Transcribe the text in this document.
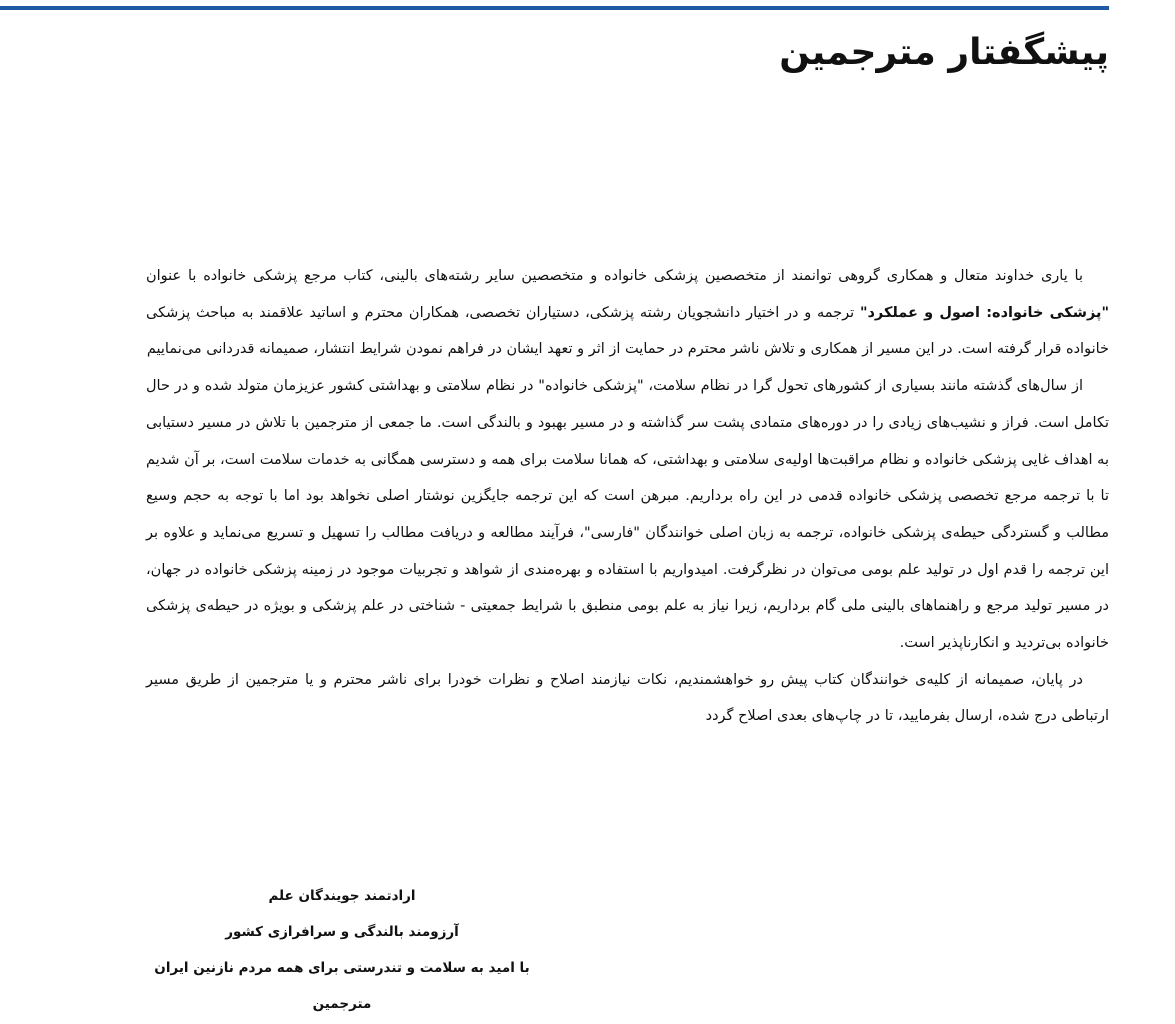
پیشگفتار مترجمین

با یاری خداوند متعال و همکاری گروهی توانمند از متخصصین پزشکی خانواده و متخصصین سایر رشته‌های بالینی، کتاب مرجع پزشکی خانواده با عنوان "پزشکی خانواده: اصول و عملکرد" ترجمه و در اختیار دانشجویان رشته پزشکی، دستیاران تخصصی، همکاران محترم و اساتید علاقمند به مباحث پزشکی خانواده قرار گرفته است. در این مسیر از همکاری و تلاش ناشر محترم در حمایت از اثر و تعهد ایشان در فراهم نمودن شرایط انتشار، صمیمانه قدردانی می‌نماییم

از سال‌های گذشته مانند بسیاری از کشورهای تحول گرا در نظام سلامت، "پزشکی خانواده" در نظام سلامتی و بهداشتی کشور عزیزمان متولد شده و در حال تکامل است. فراز و نشیب‌های زیادی را در دوره‌های متمادی پشت سر گذاشته و در مسیر بهبود و بالندگی است. ما جمعی از مترجمین با تلاش در مسیر دستیابی به اهداف غایی پزشکی خانواده و نظام مراقبت‌ها اولیه‌ی سلامتی و بهداشتی، که همانا سلامت برای همه و دسترسی همگانی به خدمات سلامت است، بر آن شدیم تا با ترجمه مرجع تخصصی پزشکی خانواده قدمی در این راه برداریم. مبرهن است که این ترجمه جایگزین نوشتار اصلی نخواهد بود اما با توجه به حجم وسیع مطالب و گستردگی حیطه‌ی پزشکی خانواده، ترجمه به زبان اصلی خوانندگان "فارسی"، فرآیند مطالعه و دریافت مطالب را تسهیل و تسریع می‌نماید و علاوه بر این ترجمه را قدم اول در تولید علم بومی می‌توان در نظرگرفت. امیدواریم با استفاده و بهره‌مندی از شواهد و تجربیات موجود در زمینه پزشکی خانواده در جهان، در مسیر تولید مرجع و راهنماهای بالینی ملی گام برداریم، زیرا نیاز به علم بومی منطبق با شرایط جمعیتی - شناختی در علم پزشکی و بویژه در حیطه‌ی پزشکی خانواده بی‌تردید و انکارناپذیر است.

در پایان، صمیمانه از کلیه‌ی خوانندگان کتاب پیش رو خواهشمندیم، نکات نیازمند اصلاح و نظرات خودرا برای ناشر محترم و یا مترجمین از طریق مسیر ارتباطی درج شده، ارسال بفرمایید، تا در چاپ‌های بعدی اصلاح گردد

ارادتمند جویندگان علم
آرزومند بالندگی و سرافرازی کشور
با امید به سلامت و تندرستی برای همه مردم نازنین ایران
مترجمین
